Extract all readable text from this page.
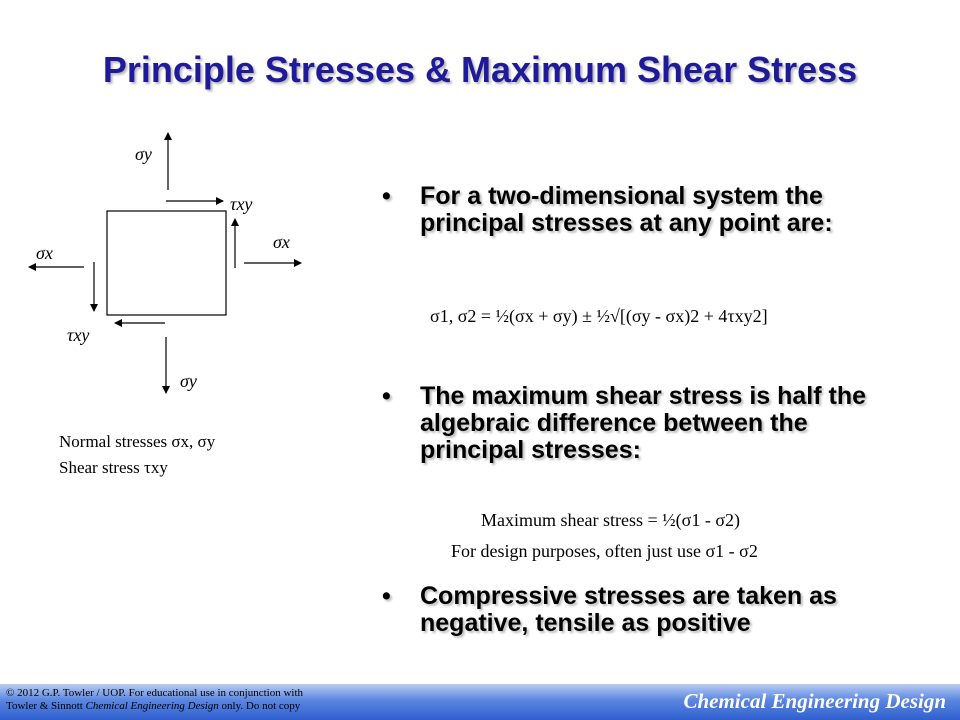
Principle Stresses & Maximum Shear Stress
σy
τxy
σx
σx
τxy
σy
Normal stresses σx, σy
Shear stress τxy
• For a two-dimensional system the principal stresses at any point are:
σ1, σ2 = ½(σx + σy) ± ½√[(σy - σx)2 + 4τxy2]
• The maximum shear stress is half the algebraic difference between the principal stresses:
Maximum shear stress = ½(σ1 - σ2)
For design purposes, often just use σ1 - σ2
• Compressive stresses are taken as negative, tensile as positive
© 2012 G.P. Towler / UOP. For educational use in conjunction with
Towler & Sinnott Chemical Engineering Design only. Do not copy	Chemical Engineering Design
